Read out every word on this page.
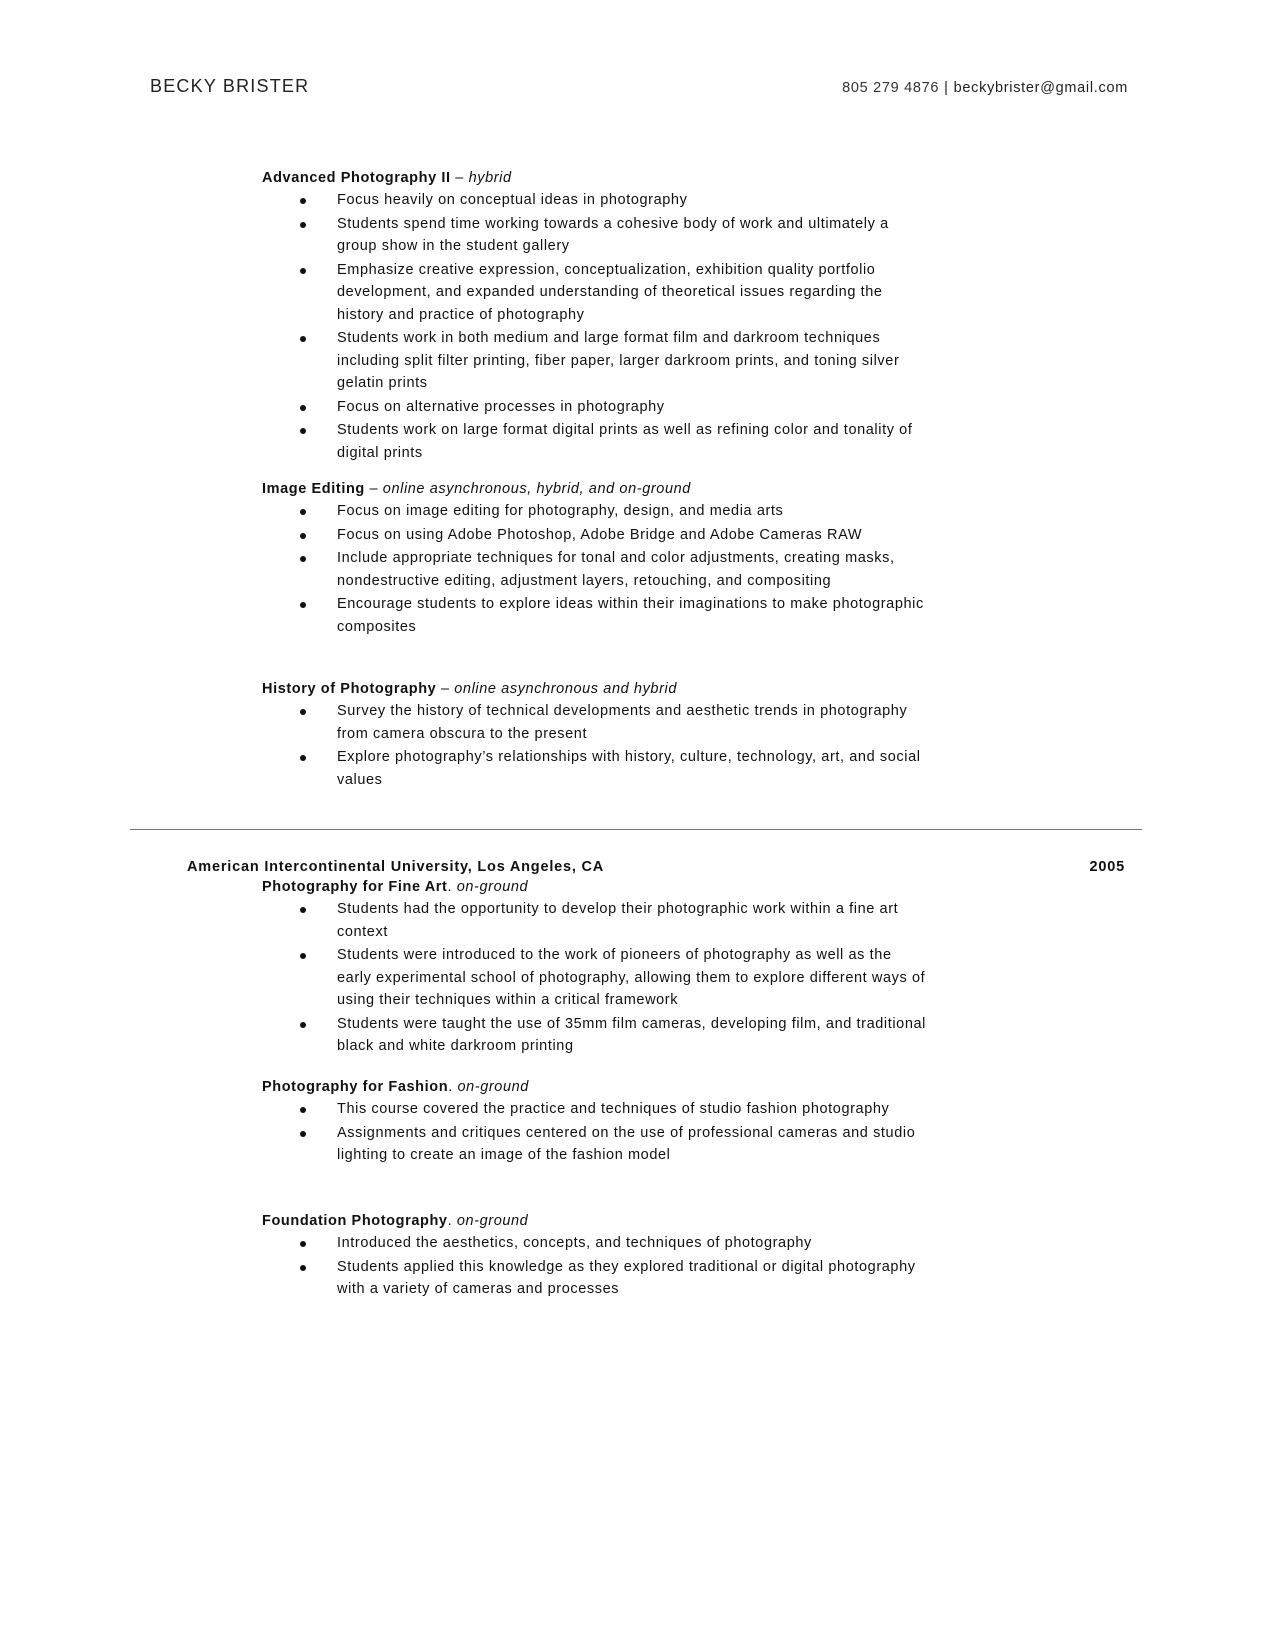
BECKY BRISTER	805 279 4876 | beckybrister@gmail.com
Advanced Photography II – hybrid
Focus heavily on conceptual ideas in photography
Students spend time working towards a cohesive body of work and ultimately a group show in the student gallery
Emphasize creative expression, conceptualization, exhibition quality portfolio development, and expanded understanding of theoretical issues regarding the history and practice of photography
Students work in both medium and large format film and darkroom techniques including split filter printing, fiber paper, larger darkroom prints, and toning silver gelatin prints
Focus on alternative processes in photography
Students work on large format digital prints as well as refining color and tonality of digital prints
Image Editing – online asynchronous, hybrid, and on-ground
Focus on image editing for photography, design, and media arts
Focus on using Adobe Photoshop, Adobe Bridge and Adobe Cameras RAW
Include appropriate techniques for tonal and color adjustments, creating masks, nondestructive editing, adjustment layers, retouching, and compositing
Encourage students to explore ideas within their imaginations to make photographic composites
History of Photography – online asynchronous and hybrid
Survey the history of technical developments and aesthetic trends in photography from camera obscura to the present
Explore photography’s relationships with history, culture, technology, art, and social values
American Intercontinental University, Los Angeles, CA	2005
Photography for Fine Art. on-ground
Students had the opportunity to develop their photographic work within a fine art context
Students were introduced to the work of pioneers of photography as well as the early experimental school of photography, allowing them to explore different ways of using their techniques within a critical framework
Students were taught the use of 35mm film cameras, developing film, and traditional black and white darkroom printing
Photography for Fashion. on-ground
This course covered the practice and techniques of studio fashion photography
Assignments and critiques centered on the use of professional cameras and studio lighting to create an image of the fashion model
Foundation Photography. on-ground
Introduced the aesthetics, concepts, and techniques of photography
Students applied this knowledge as they explored traditional or digital photography with a variety of cameras and processes
